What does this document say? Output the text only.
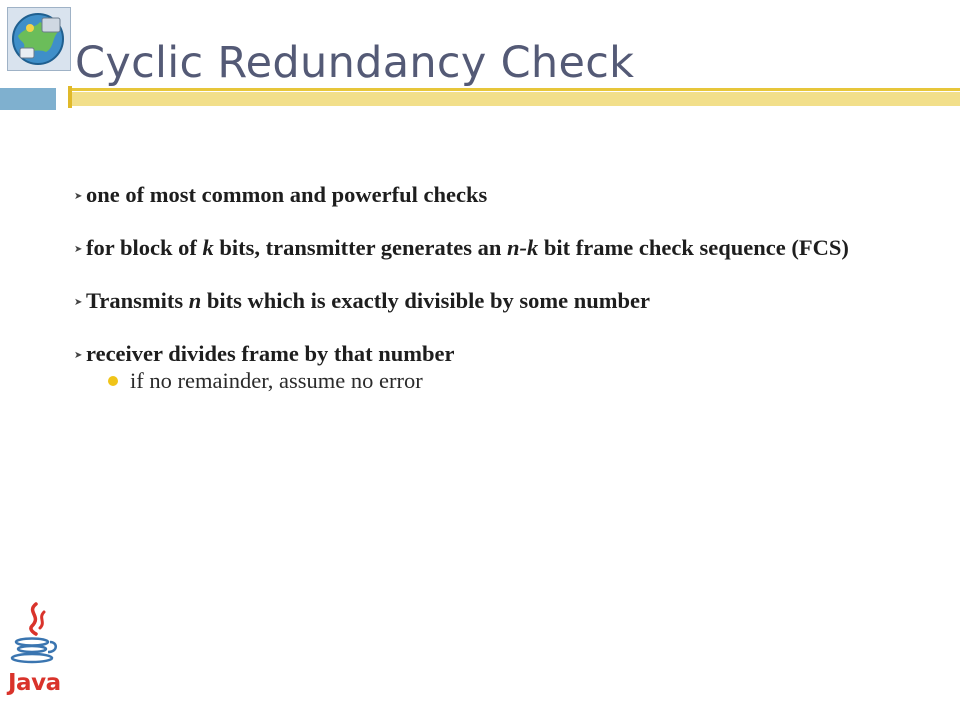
Cyclic Redundancy Check
➤ one of most common and powerful checks
➤ for block of k bits, transmitter generates an n-k bit frame check sequence (FCS)
➤ Transmits n bits which is exactly divisible by some number
➤ receiver divides frame by that number
if no remainder, assume no error
Java
